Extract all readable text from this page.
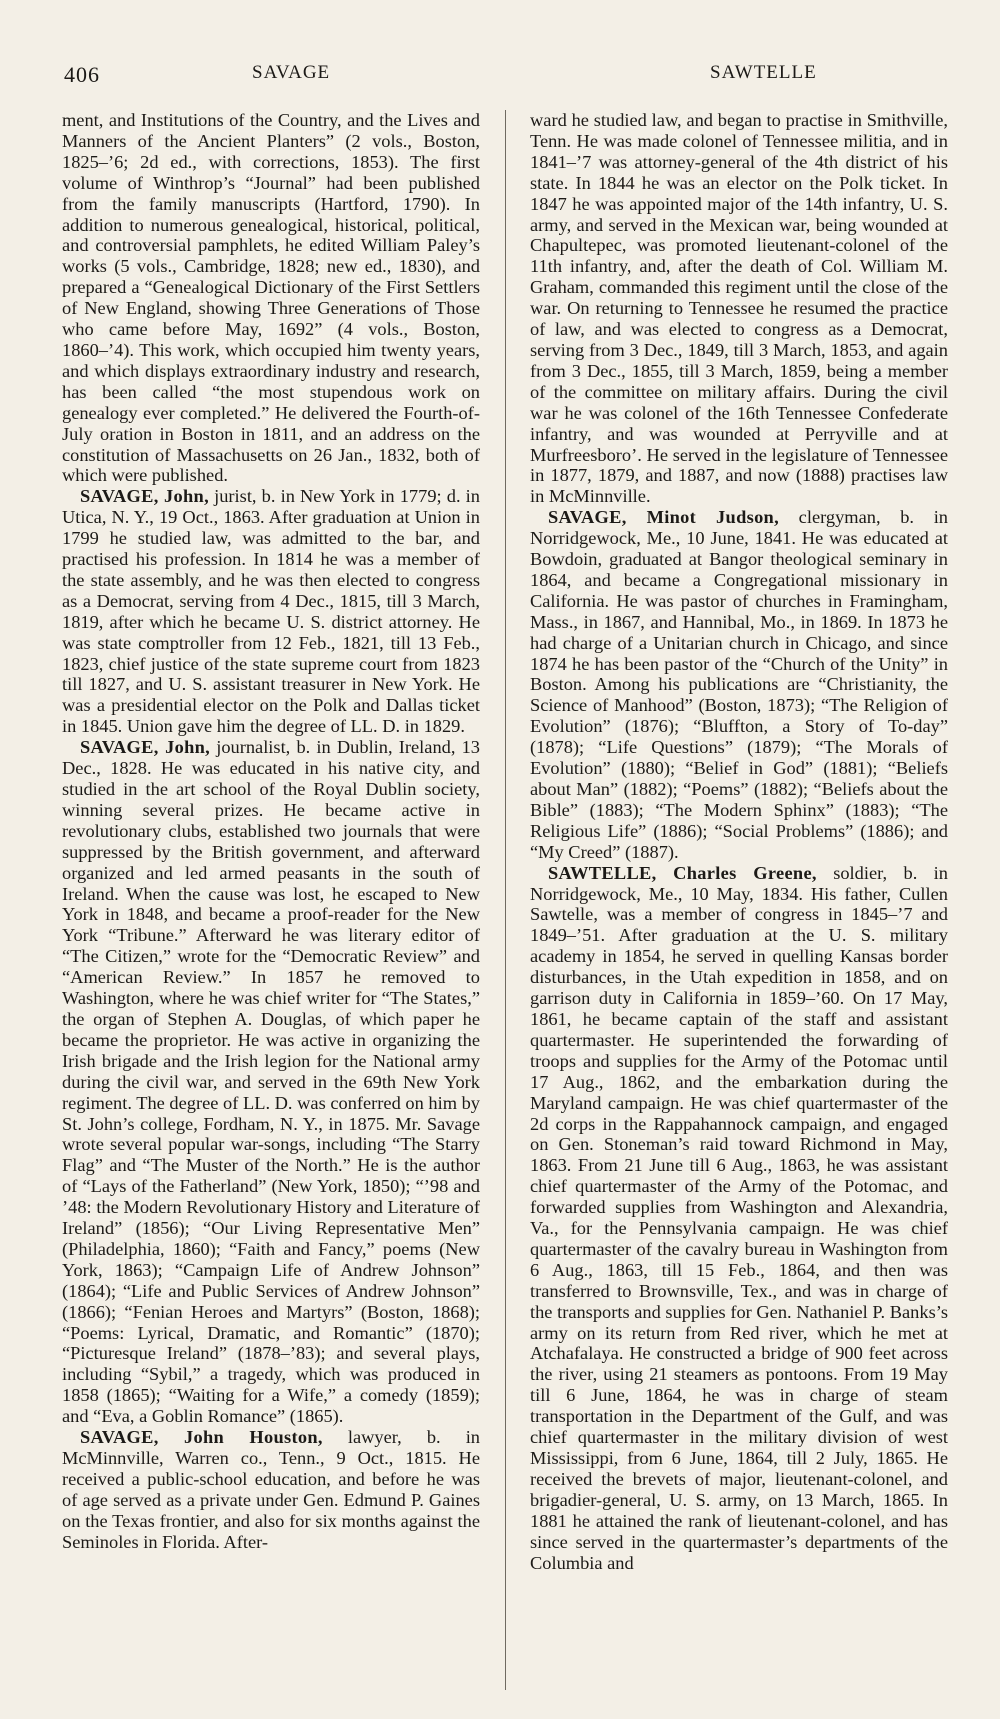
406	SAVAGE	SAWTELLE

ment, and Institutions of the Country, and the Lives and Manners of the Ancient Planters” (2 vols., Boston, 1825–’6; 2d ed., with corrections, 1853). The first volume of Winthrop’s “Journal” had been published from the family manuscripts (Hartford, 1790). In addition to numerous genealogical, historical, political, and controversial pamphlets, he edited William Paley’s works (5 vols., Cambridge, 1828; new ed., 1830), and prepared a “Genealogical Dictionary of the First Settlers of New England, showing Three Generations of Those who came before May, 1692” (4 vols., Boston, 1860–’4). This work, which occupied him twenty years, and which displays extraordinary industry and research, has been called “the most stupendous work on genealogy ever completed.” He delivered the Fourth-of-July oration in Boston in 1811, and an address on the constitution of Massachusetts on 26 Jan., 1832, both of which were published.

SAVAGE, John, jurist, b. in New York in 1779; d. in Utica, N. Y., 19 Oct., 1863. After graduation at Union in 1799 he studied law, was admitted to the bar, and practised his profession. In 1814 he was a member of the state assembly, and he was then elected to congress as a Democrat, serving from 4 Dec., 1815, till 3 March, 1819, after which he became U. S. district attorney. He was state comptroller from 12 Feb., 1821, till 13 Feb., 1823, chief justice of the state supreme court from 1823 till 1827, and U. S. assistant treasurer in New York. He was a presidential elector on the Polk and Dallas ticket in 1845. Union gave him the degree of LL. D. in 1829.

SAVAGE, John, journalist, b. in Dublin, Ireland, 13 Dec., 1828. He was educated in his native city, and studied in the art school of the Royal Dublin society, winning several prizes. He became active in revolutionary clubs, established two journals that were suppressed by the British government, and afterward organized and led armed peasants in the south of Ireland. When the cause was lost, he escaped to New York in 1848, and became a proof-reader for the New York “Tribune.” Afterward he was literary editor of “The Citizen,” wrote for the “Democratic Review” and “American Review.” In 1857 he removed to Washington, where he was chief writer for “The States,” the organ of Stephen A. Douglas, of which paper he became the proprietor. He was active in organizing the Irish brigade and the Irish legion for the National army during the civil war, and served in the 69th New York regiment. The degree of LL. D. was conferred on him by St. John’s college, Fordham, N. Y., in 1875. Mr. Savage wrote several popular war-songs, including “The Starry Flag” and “The Muster of the North.” He is the author of “Lays of the Fatherland” (New York, 1850); “’98 and ’48: the Modern Revolutionary History and Literature of Ireland” (1856); “Our Living Representative Men” (Philadelphia, 1860); “Faith and Fancy,” poems (New York, 1863); “Campaign Life of Andrew Johnson” (1864); “Life and Public Services of Andrew Johnson” (1866); “Fenian Heroes and Martyrs” (Boston, 1868); “Poems: Lyrical, Dramatic, and Romantic” (1870); “Picturesque Ireland” (1878–’83); and several plays, including “Sybil,” a tragedy, which was produced in 1858 (1865); “Waiting for a Wife,” a comedy (1859); and “Eva, a Goblin Romance” (1865).

SAVAGE, John Houston, lawyer, b. in McMinnville, Warren co., Tenn., 9 Oct., 1815. He received a public-school education, and before he was of age served as a private under Gen. Edmund P. Gaines on the Texas frontier, and also for six months against the Seminoles in Florida. After-

ward he studied law, and began to practise in Smithville, Tenn. He was made colonel of Tennessee militia, and in 1841–’7 was attorney-general of the 4th district of his state. In 1844 he was an elector on the Polk ticket. In 1847 he was appointed major of the 14th infantry, U. S. army, and served in the Mexican war, being wounded at Chapultepec, was promoted lieutenant-colonel of the 11th infantry, and, after the death of Col. William M. Graham, commanded this regiment until the close of the war. On returning to Tennessee he resumed the practice of law, and was elected to congress as a Democrat, serving from 3 Dec., 1849, till 3 March, 1853, and again from 3 Dec., 1855, till 3 March, 1859, being a member of the committee on military affairs. During the civil war he was colonel of the 16th Tennessee Confederate infantry, and was wounded at Perryville and at Murfreesboro’. He served in the legislature of Tennessee in 1877, 1879, and 1887, and now (1888) practises law in McMinnville.

SAVAGE, Minot Judson, clergyman, b. in Norridgewock, Me., 10 June, 1841. He was educated at Bowdoin, graduated at Bangor theological seminary in 1864, and became a Congregational missionary in California. He was pastor of churches in Framingham, Mass., in 1867, and Hannibal, Mo., in 1869. In 1873 he had charge of a Unitarian church in Chicago, and since 1874 he has been pastor of the “Church of the Unity” in Boston. Among his publications are “Christianity, the Science of Manhood” (Boston, 1873); “The Religion of Evolution” (1876); “Bluffton, a Story of To-day” (1878); “Life Questions” (1879); “The Morals of Evolution” (1880); “Belief in God” (1881); “Beliefs about Man” (1882); “Poems” (1882); “Beliefs about the Bible” (1883); “The Modern Sphinx” (1883); “The Religious Life” (1886); “Social Problems” (1886); and “My Creed” (1887).

SAWTELLE, Charles Greene, soldier, b. in Norridgewock, Me., 10 May, 1834. His father, Cullen Sawtelle, was a member of congress in 1845–’7 and 1849–’51. After graduation at the U. S. military academy in 1854, he served in quelling Kansas border disturbances, in the Utah expedition in 1858, and on garrison duty in California in 1859–’60. On 17 May, 1861, he became captain of the staff and assistant quartermaster. He superintended the forwarding of troops and supplies for the Army of the Potomac until 17 Aug., 1862, and the embarkation during the Maryland campaign. He was chief quartermaster of the 2d corps in the Rappahannock campaign, and engaged on Gen. Stoneman’s raid toward Richmond in May, 1863. From 21 June till 6 Aug., 1863, he was assistant chief quartermaster of the Army of the Potomac, and forwarded supplies from Washington and Alexandria, Va., for the Pennsylvania campaign. He was chief quartermaster of the cavalry bureau in Washington from 6 Aug., 1863, till 15 Feb., 1864, and then was transferred to Brownsville, Tex., and was in charge of the transports and supplies for Gen. Nathaniel P. Banks’s army on its return from Red river, which he met at Atchafalaya. He constructed a bridge of 900 feet across the river, using 21 steamers as pontoons. From 19 May till 6 June, 1864, he was in charge of steam transportation in the Department of the Gulf, and was chief quartermaster in the military division of west Mississippi, from 6 June, 1864, till 2 July, 1865. He received the brevets of major, lieutenant-colonel, and brigadier-general, U. S. army, on 13 March, 1865. In 1881 he attained the rank of lieutenant-colonel, and has since served in the quartermaster’s departments of the Columbia and
